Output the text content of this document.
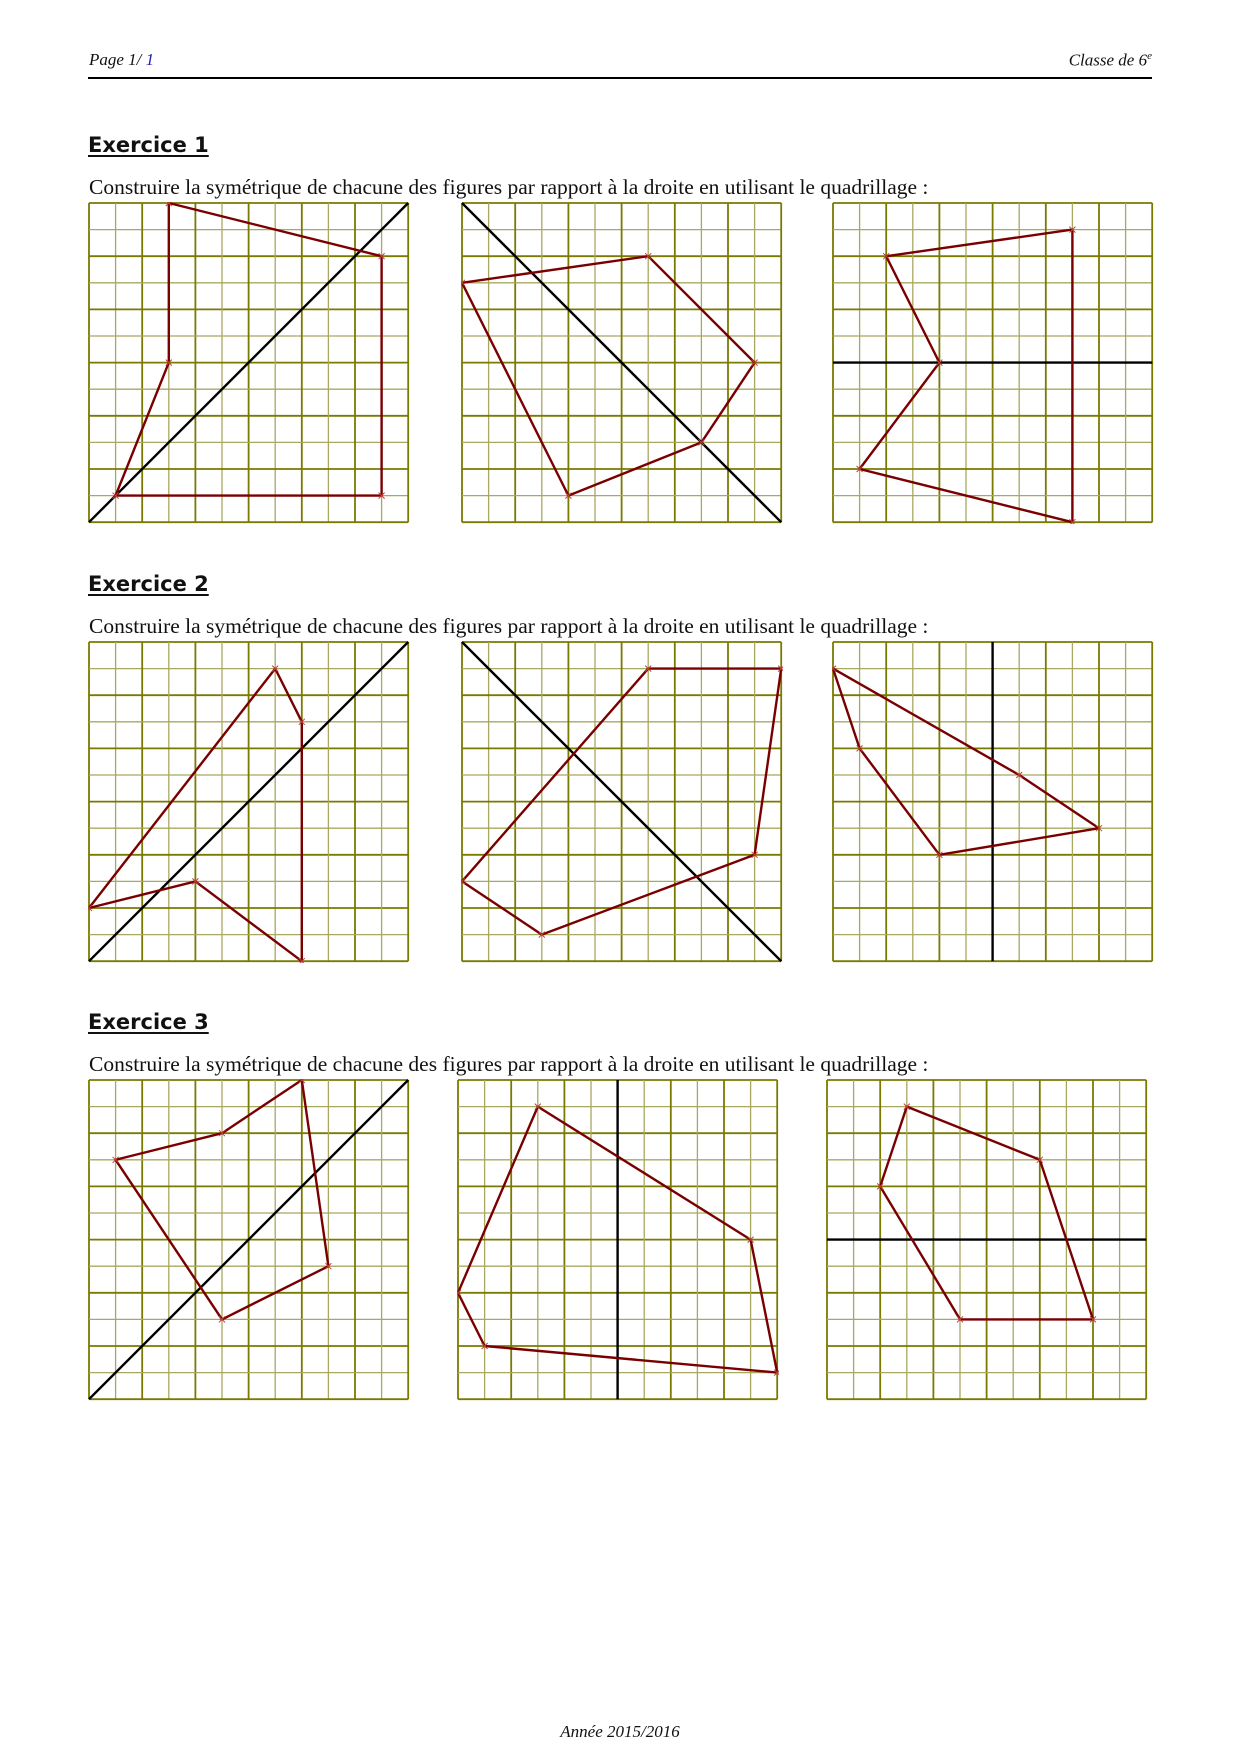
Page 1/ 1	Classe de 6e
Exercice 1
Construire la symétrique de chacune des figures par rapport à la droite en utilisant le quadrillage :
Exercice 2
Construire la symétrique de chacune des figures par rapport à la droite en utilisant le quadrillage :
Exercice 3
Construire la symétrique de chacune des figures par rapport à la droite en utilisant le quadrillage :
Année 2015/2016
